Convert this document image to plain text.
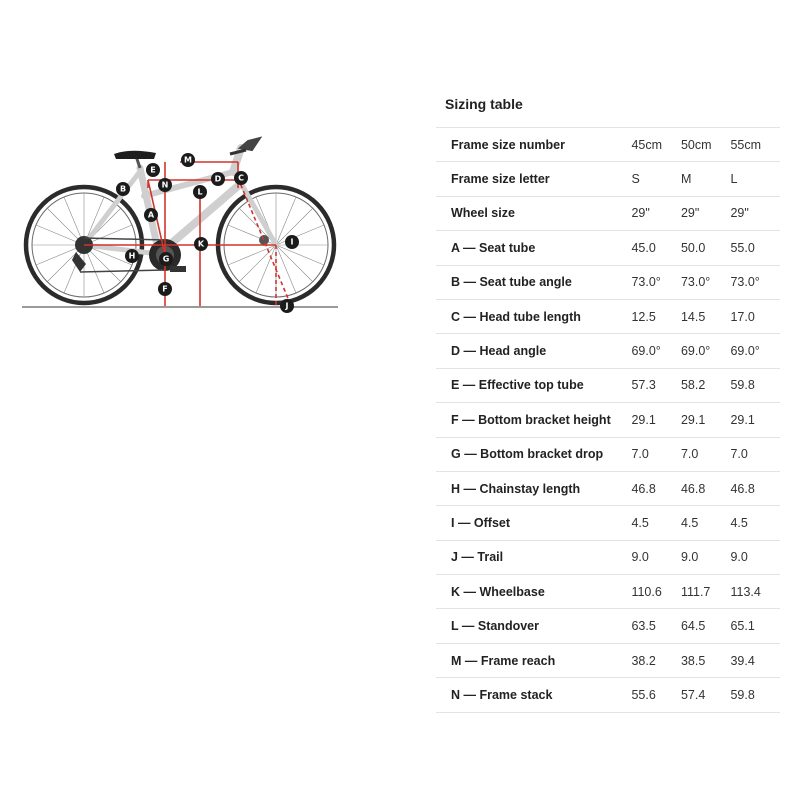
M
E
N
B
D C
L
A
K	I
H	G
F
J
Sizing table
Frame size number	45cm	50cm	55cm
Frame size letter	S	M	L
Wheel size	29"	29"	29"
A — Seat tube	45.0	50.0	55.0
B — Seat tube angle	73.0°	73.0°	73.0°
C — Head tube length	12.5	14.5	17.0
D — Head angle	69.0°	69.0°	69.0°
E — Effective top tube	57.3	58.2	59.8
F — Bottom bracket height	29.1	29.1	29.1
G — Bottom bracket drop	7.0	7.0	7.0
H — Chainstay length	46.8	46.8	46.8
I — Offset	4.5	4.5	4.5
J — Trail	9.0	9.0	9.0
K — Wheelbase	110.6	111.7	113.4
L — Standover	63.5	64.5	65.1
M — Frame reach	38.2	38.5	39.4
N — Frame stack	55.6	57.4	59.8
